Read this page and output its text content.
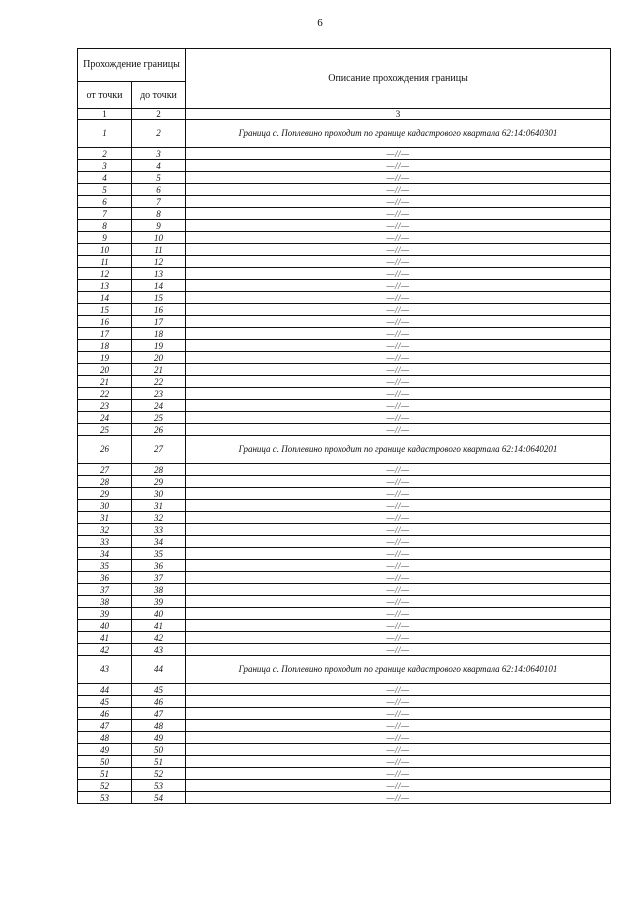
6
Прохождение границы		Описание прохождения границы
от точки	до точки	
1	2	3
1	2	Граница с. Поплевино проходит по границе кадастрового квартала 62:14:0640301
2	3	—//—
3	4	—//—
4	5	—//—
5	6	—//—
6	7	—//—
7	8	—//—
8	9	—//—
9	10	—//—
10	11	—//—
11	12	—//—
12	13	—//—
13	14	—//—
14	15	—//—
15	16	—//—
16	17	—//—
17	18	—//—
18	19	—//—
19	20	—//—
20	21	—//—
21	22	—//—
22	23	—//—
23	24	—//—
24	25	—//—
25	26	—//—
26	27	Граница с. Поплевино проходит по границе кадастрового квартала 62:14:0640201
27	28	—//—
28	29	—//—
29	30	—//—
30	31	—//—
31	32	—//—
32	33	—//—
33	34	—//—
34	35	—//—
35	36	—//—
36	37	—//—
37	38	—//—
38	39	—//—
39	40	—//—
40	41	—//—
41	42	—//—
42	43	—//—
43	44	Граница с. Поплевино проходит по границе кадастрового квартала 62:14:0640101
44	45	—//—
45	46	—//—
46	47	—//—
47	48	—//—
48	49	—//—
49	50	—//—
50	51	—//—
51	52	—//—
52	53	—//—
53	54	—//—
